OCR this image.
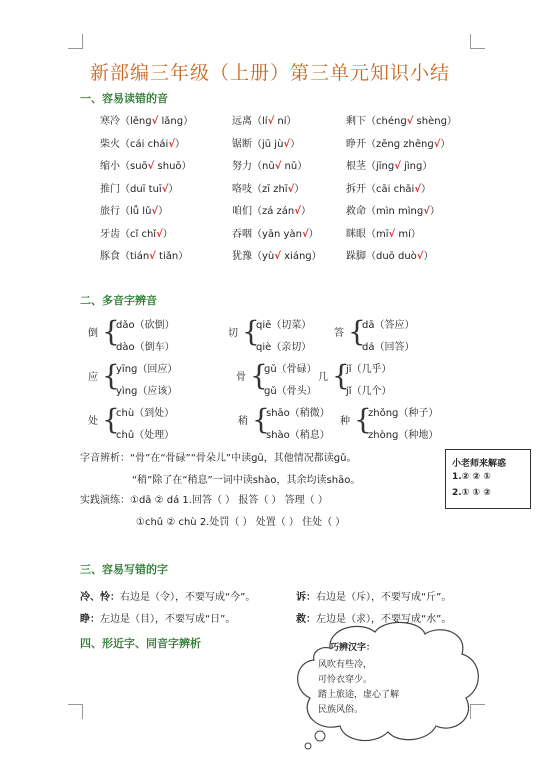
新部编三年级（上册）第三单元知识小结
一、容易读错的音
寒冷（lěnɡ√ lǎnɡ）	远离（lí√ ní）	剩下（chénɡ√ shènɡ）
柴火（cái chái√）	锯断（jū jù√）	睁开（zēnɡ zhēnɡ√）
缩小（suō√ shuō）	努力（nū√ nǔ）	根茎（jīnɡ√ jìnɡ）
推门（duī tuī√）	咯吱（zī zhī√）	拆开（cāi chāi√）
旅行（lǚ lǔ√）	咱们（zá zán√）	救命（mìn mìnɡ√）
牙齿（cǐ chǐ√）	吞咽（yān yàn√）	眯眼（mī√ mí）
豚食（tián√ tiǎn）	犹豫（yù√ xiánɡ） 跺脚（duō duò√）
二、多音字辨音
倒 {
dǎo（砍倒）
dào（倒车）
切 {
qiē（切菜）
qiè（亲切）
答 {
dā（答应）
dá（回答）
应 {
yīnɡ（回应）
yìnɡ（应该）
骨 {
ɡǔ（骨碌）
ɡǔ（骨头）
几 {
jǐ（几乎）
jǐ（几个）
处 {
chù（到处）
chǔ（处理）
稍 {
shāo（稍微）
shào（稍息）
种 {
zhǒnɡ（种子）
zhònɡ（种地）
字音辨析：“骨”在“骨碌”“骨朵儿”中读ɡū，其他情况都读ɡǔ。
“稍”除了在“稍息”一词中读shào，其余均读shāo。
实践演练：①dā ② dá 1.回答（ ） 报答（ ） 答理（ ）
①chǔ ② chù 2.处罚（ ） 处置（ ） 住处（ ）
小老师来解惑
1.② ② ①
2.① ① ②
三、容易写错的字
冷、怜：右边是（令），不要写成“今”。	诉：右边是（斥），不要写成“斤”。
睁：左边是（目），不要写成“日”。	救：左边是（求），不要写成“水”。
四、形近字、同音字辨析	巧辨汉字：
风吹有些冷，
可怜衣穿少。
踏上旅途，虚心了解
民族风俗。
